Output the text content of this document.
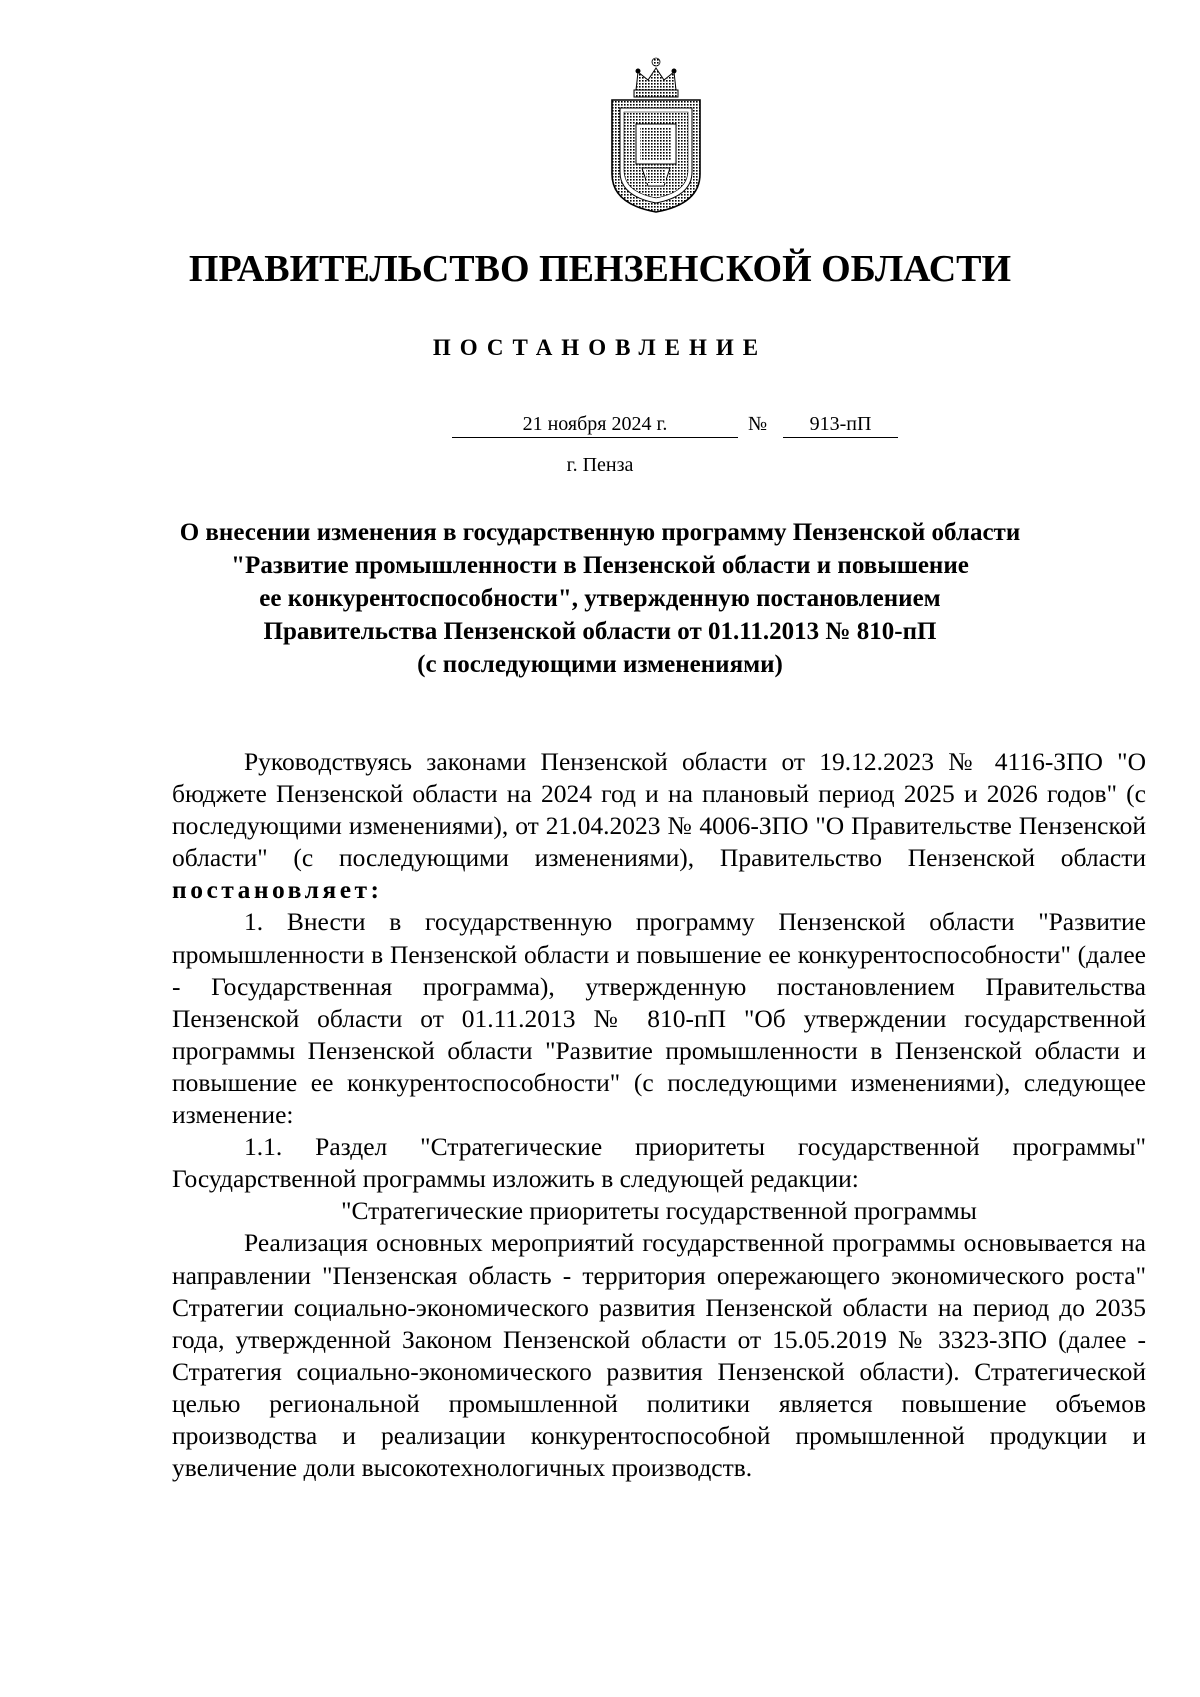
ПРАВИТЕЛЬСТВО ПЕНЗЕНСКОЙ ОБЛАСТИ
ПОСТАНОВЛЕНИЕ
21 ноября 2024 г.	№	913-пП
г. Пенза
О внесении изменения в государственную программу Пензенской области
"Развитие промышленности в Пензенской области и повышение
ее конкурентоспособности", утвержденную постановлением
Правительства Пензенской области от 01.11.2013 № 810-пП
(с последующими изменениями)

Руководствуясь законами Пензенской области от 19.12.2023 № 4116-ЗПО "О бюджете Пензенской области на 2024 год и на плановый период 2025 и 2026 годов" (с последующими изменениями), от 21.04.2023 № 4006-ЗПО "О Правительстве Пензенской области" (с последующими изменениями), Правительство Пензенской области постановляет:

1. Внести в государственную программу Пензенской области "Развитие промышленности в Пензенской области и повышение ее конкурентоспособности" (далее - Государственная программа), утвержденную постановлением Правительства Пензенской области от 01.11.2013 № 810-пП "Об утверждении государственной программы Пензенской области "Развитие промышленности в Пензенской области и повышение ее конкурентоспособности" (с последующими изменениями), следующее изменение:

1.1. Раздел "Стратегические приоритеты государственной программы" Государственной программы изложить в следующей редакции:

"Стратегические приоритеты государственной программы

Реализация основных мероприятий государственной программы основывается на направлении "Пензенская область - территория опережающего экономического роста" Стратегии социально-экономического развития Пензенской области на период до 2035 года, утвержденной Законом Пензенской области от 15.05.2019 № 3323-ЗПО (далее - Стратегия социально-экономического развития Пензенской области). Стратегической целью региональной промышленной политики является повышение объемов производства и реализации конкурентоспособной промышленной продукции и увеличение доли высокотехнологичных производств.
